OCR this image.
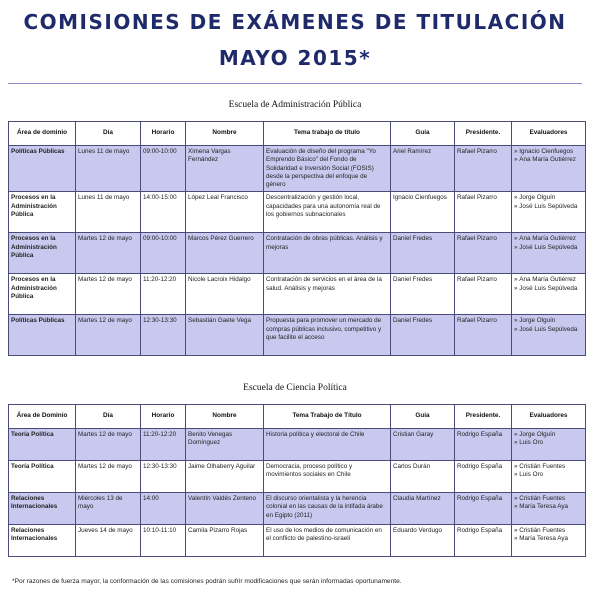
COMISIONES DE EXÁMENES DE TITULACIÓN
MAYO 2015*

Escuela de Administración Pública

Área de dominio	Día	Horario	Nombre	Tema trabajo de título	Guía	Presidente.	Evaluadores
Políticas Públicas	Lunes 11 de mayo	09:00-10:00	Ximena Vargas Fernández	Evaluación de diseño del programa "Yo Emprendo Básico" del Fondo de Solidaridad e Inversión Social (FOSIS) desde la perspectiva del enfoque de género	Ariel Ramírez	Rafael Pizarro	» Ignacio Cienfuegos
» Ana María Gutiérrez

Procesos en la Administración Pública	Lunes 11 de mayo	14:00-15:00	López Leal Francisco	Descentralización y gestión local, capacidades para una autonomía real de los gobiernos subnacionales	Ignacio Cienfuegos	Rafael Pizarro	» Jorge Olguín
» José Luis Sepúlveda

Procesos en la Administración Pública	Martes 12 de mayo	09:00-10:00	Marcos Pérez Guerrero	Contratación de obras públicas. Análisis y mejoras	Daniel Fredes	Rafael Pizarro	» Ana María Gutiérrez
» José Luis Sepúlveda

Procesos en la Administración Pública	Martes 12 de mayo	11:20-12:20	Nicole Lacroix Hidalgo	Contratación de servicios en el área de la salud. Análisis y mejoras	Daniel Fredes	Rafael Pizarro	» Ana María Gutiérrez
» José Luis Sepúlveda

Políticas Públicas	Martes 12 de mayo	12:30-13:30	Sebastián Gaete Vega	Propuesta para promover un mercado de compras públicas inclusivo, competitivo y que facilite el acceso	Daniel Fredes	Rafael Pizarro	» Jorge Olguín
» José Luis Sepúlveda

Escuela de Ciencia Política

Área de Dominio	Día	Horario	Nombre	Tema Trabajo de Título	Guía	Presidente.	Evaluadores
Teoría Política	Martes 12 de mayo	11:20-12:20	Benito Venegas Domínguez	Historia política y electoral de Chile	Cristian Garay	Rodrigo España	» Jorge Olguín
» Luis Oro

Teoría Política	Martes 12 de mayo	12:30-13:30	Jaime Olhaberry Aguilar	Democracia, proceso político y movimientos sociales en Chile	Carlos Durán	Rodrigo España	» Cristián Fuentes
» Luis Oro

Relaciones Internacionales	Miércoles 13 de mayo	14:00	Valentín Valdés Zenteno	El discurso orientalista y la herencia colonial en las causas de la intifada árabe en Egipto (2011)	Claudia Martínez	Rodrigo España	» Cristián Fuentes
» María Teresa Aya

Relaciones Internacionales	Jueves 14 de mayo	10:10-11:10	Camila Pizarro Rojas	El uso de los medios de comunicación en el conflicto de palestino-israelí	Eduardo Verdugo	Rodrigo España	» Cristián Fuentes
» María Teresa Aya

*Por razones de fuerza mayor, la conformación de las comisiones podrán sufrir modificaciones que serán informadas oportunamente.
